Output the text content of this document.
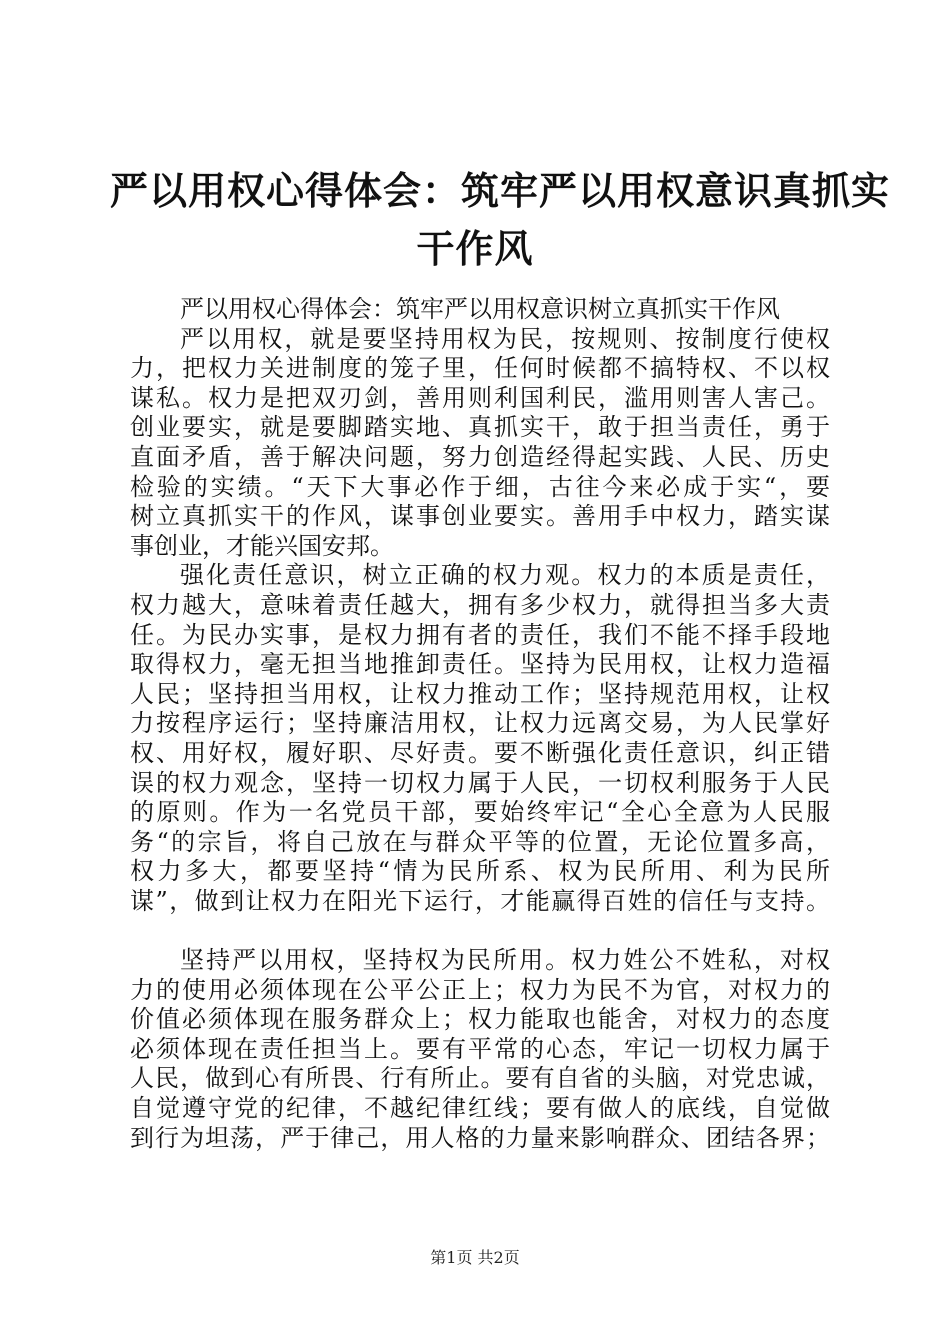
严以用权心得体会：筑牢严以用权意识真抓实
干作风
严以用权心得体会：筑牢严以用权意识树立真抓实干作风
严以用权，就是要坚持用权为民，按规则、按制度行使权
力，把权力关进制度的笼子里，任何时候都不搞特权、不以权
谋私。权力是把双刃剑，善用则利国利民，滥用则害人害己。
创业要实，就是要脚踏实地、真抓实干，敢于担当责任，勇于
直面矛盾，善于解决问题，努力创造经得起实践、人民、历史
检验的实绩。“天下大事必作于细，古往今来必成于实“，要
树立真抓实干的作风，谋事创业要实。善用手中权力，踏实谋
事创业，才能兴国安邦。
强化责任意识，树立正确的权力观。权力的本质是责任，
权力越大，意味着责任越大，拥有多少权力，就得担当多大责
任。为民办实事，是权力拥有者的责任，我们不能不择手段地
取得权力，毫无担当地推卸责任。坚持为民用权，让权力造福
人民；坚持担当用权，让权力推动工作；坚持规范用权，让权
力按程序运行；坚持廉洁用权，让权力远离交易，为人民掌好
权、用好权，履好职、尽好责。要不断强化责任意识，纠正错
误的权力观念，坚持一切权力属于人民，一切权利服务于人民
的原则。作为一名党员干部，要始终牢记“全心全意为人民服
务“的宗旨，将自己放在与群众平等的位置，无论位置多高，
权力多大，都要坚持“情为民所系、权为民所用、利为民所
谋”，做到让权力在阳光下运行，才能赢得百姓的信任与支持。
坚持严以用权，坚持权为民所用。权力姓公不姓私，对权
力的使用必须体现在公平公正上；权力为民不为官，对权力的
价值必须体现在服务群众上；权力能取也能舍，对权力的态度
必须体现在责任担当上。要有平常的心态，牢记一切权力属于
人民，做到心有所畏、行有所止。要有自省的头脑，对党忠诚，
自觉遵守党的纪律，不越纪律红线；要有做人的底线，自觉做
到行为坦荡，严于律己，用人格的力量来影响群众、团结各界；
第1页 共2页
